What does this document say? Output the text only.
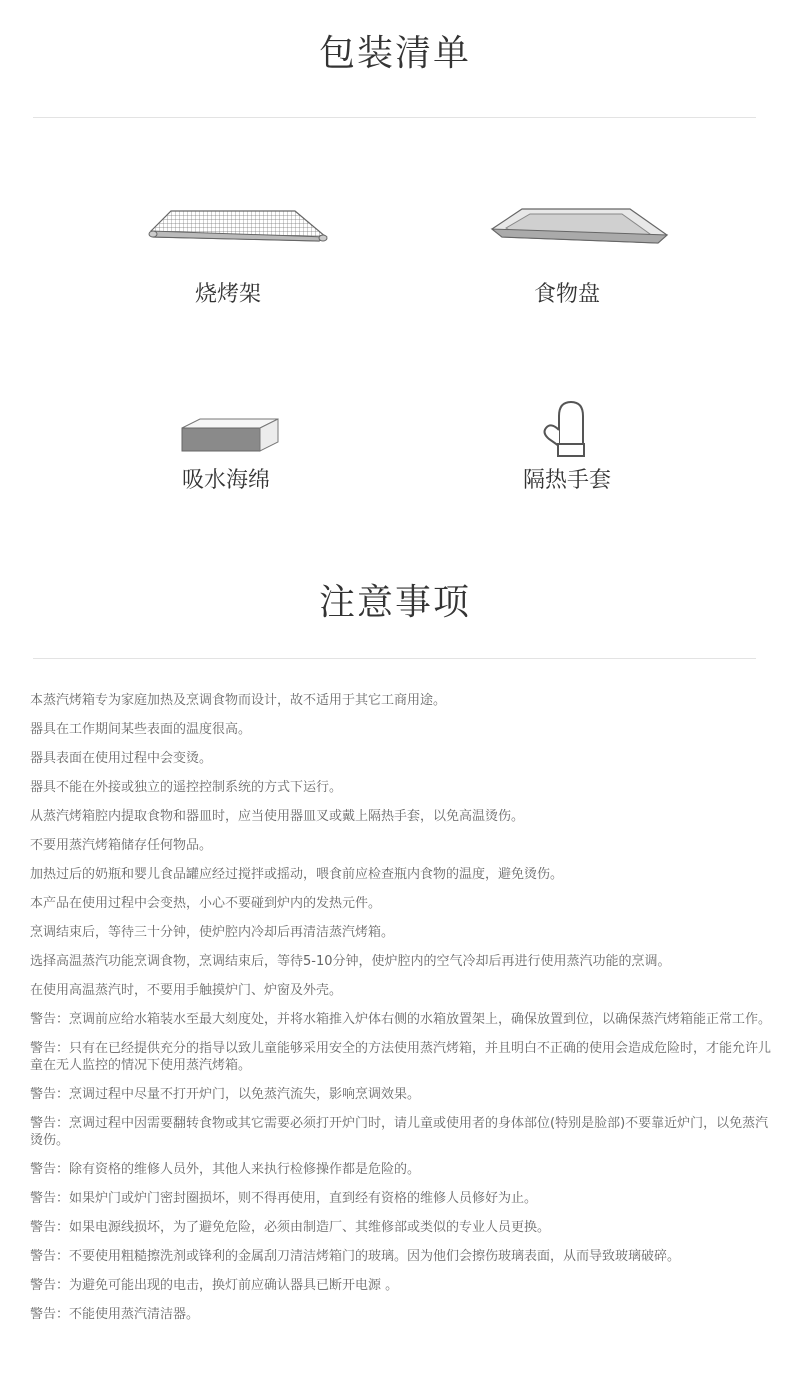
包装清单
烧烤架	食物盘
吸水海绵	隔热手套
注意事项

本蒸汽烤箱专为家庭加热及烹调食物而设计，故不适用于其它工商用途。

器具在工作期间某些表面的温度很高。

器具表面在使用过程中会变烫。

器具不能在外接或独立的遥控控制系统的方式下运行。

从蒸汽烤箱腔内提取食物和器皿时，应当使用器皿叉或戴上隔热手套，以免高温烫伤。

不要用蒸汽烤箱储存任何物品。

加热过后的奶瓶和婴儿食品罐应经过搅拌或摇动，喂食前应检查瓶内食物的温度，避免烫伤。

本产品在使用过程中会变热，小心不要碰到炉内的发热元件。

烹调结束后，等待三十分钟，使炉腔内冷却后再清洁蒸汽烤箱。

选择高温蒸汽功能烹调食物，烹调结束后，等待5-10分钟，使炉腔内的空气冷却后再进行使用蒸汽功能的烹调。

在使用高温蒸汽时，不要用手触摸炉门、炉窗及外壳。

警告：烹调前应给水箱装水至最大刻度处，并将水箱推入炉体右侧的水箱放置架上，确保放置到位，以确保蒸汽烤箱能正常工作。

警告：只有在已经提供充分的指导以致儿童能够采用安全的方法使用蒸汽烤箱，并且明白不正确的使用会造成危险时，才能允许儿童在无人监控的情况下使用蒸汽烤箱。

警告：烹调过程中尽量不打开炉门，以免蒸汽流失，影响烹调效果。

警告：烹调过程中因需要翻转食物或其它需要必须打开炉门时，请儿童或使用者的身体部位(特别是脸部)不要靠近炉门，以免蒸汽烫伤。

警告：除有资格的维修人员外，其他人来执行检修操作都是危险的。

警告：如果炉门或炉门密封圈损坏，则不得再使用，直到经有资格的维修人员修好为止。

警告：如果电源线损坏，为了避免危险，必须由制造厂、其维修部或类似的专业人员更换。

警告：不要使用粗糙擦洗剂或锋利的金属刮刀清洁烤箱门的玻璃。因为他们会擦伤玻璃表面，从而导致玻璃破碎。

警告：为避免可能出现的电击，换灯前应确认器具已断开电源 。

警告：不能使用蒸汽清洁器。
